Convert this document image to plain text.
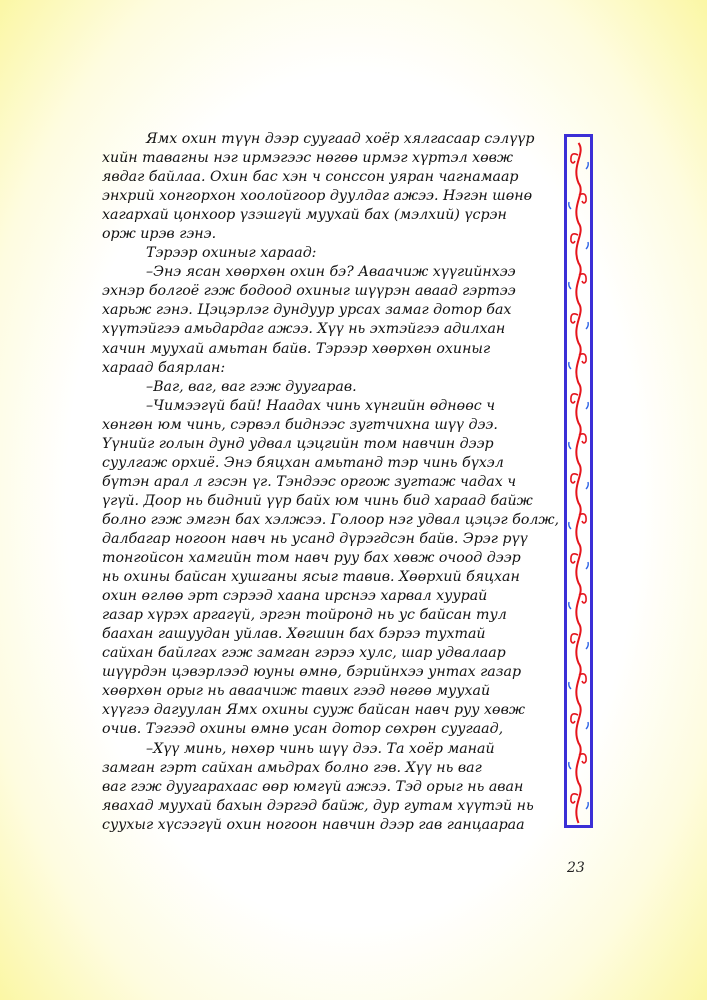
Ямх охин түүн дээр суугаад хоёр хялгасаар сэлүүр
хийн тавагны нэг ирмэгээс нөгөө ирмэг хүртэл хөвж
явдаг байлаа. Охин бас хэн ч сонссон уяран чагнамаар
энхрий хонгорхон хоолойгоор дуулдаг ажээ. Нэгэн шөнө
хагархай цонхоор үзэшгүй муухай бах (мэлхий) үсрэн
орж ирэв гэнэ.
Тэрээр охиныг хараад:
–Энэ ясан хөөрхөн охин бэ? Аваачиж хүүгийнхээ
эхнэр болгоё гэж бодоод охиныг шүүрэн аваад гэртээ
харьж гэнэ. Цэцэрлэг дундуур урсах замаг дотор бах
хүүтэйгээ амьдардаг ажээ. Хүү нь эхтэйгээ адилхан
хачин муухай амьтан байв. Тэрээр хөөрхөн охиныг
хараад баярлан:
–Ваг, ваг, ваг гэж дуугарав.
–Чимээгүй бай! Наадах чинь хүнгийн өднөөс ч
хөнгөн юм чинь, сэрвэл биднээс зугтчихна шүү дээ.
Үүнийг голын дунд удвал цэцгийн том навчин дээр
суулгаж орхиё. Энэ бяцхан амьтанд тэр чинь бүхэл
бүтэн арал л гэсэн үг. Тэндээс оргож зугтаж чадах ч
үгүй. Доор нь бидний үүр байх юм чинь бид хараад байж
болно гэж эмгэн бах хэлжээ. Голоор нэг удвал цэцэг болж,
далбагар ногоон навч нь усанд дүрэгдсэн байв. Эрэг рүү
тонгойсон хамгийн том навч руу бах хөвж очоод дээр
нь охины байсан хушганы ясыг тавив. Хөөрхий бяцхан
охин өглөө эрт сэрээд хаана ирснээ харвал хуурай
газар хүрэх аргагүй, эргэн тойронд нь ус байсан тул
баахан гашуудан уйлав. Хөгшин бах бэрээ тухтай
сайхан байлгах гэж замган гэрээ хулс, шар удвалаар
шүүрдэн цэвэрлээд юуны өмнө, бэрийнхээ унтах газар
хөөрхөн орыг нь аваачиж тавих гээд нөгөө муухай
хүүгээ дагуулан Ямх охины сууж байсан навч руу хөвж
очив. Тэгээд охины өмнө усан дотор сөхрөн суугаад,
–Хүү минь, нөхөр чинь шүү дээ. Та хоёр манай
замган гэрт сайхан амьдрах болно гэв. Хүү нь ваг
ваг гэж дуугарахаас өөр юмгүй ажээ. Тэд орыг нь аван
явахад муухай бахын дэргэд байж, дур гутам хүүтэй нь
суухыг хүсээгүй охин ногоон навчин дээр гав ганцаараа
23
